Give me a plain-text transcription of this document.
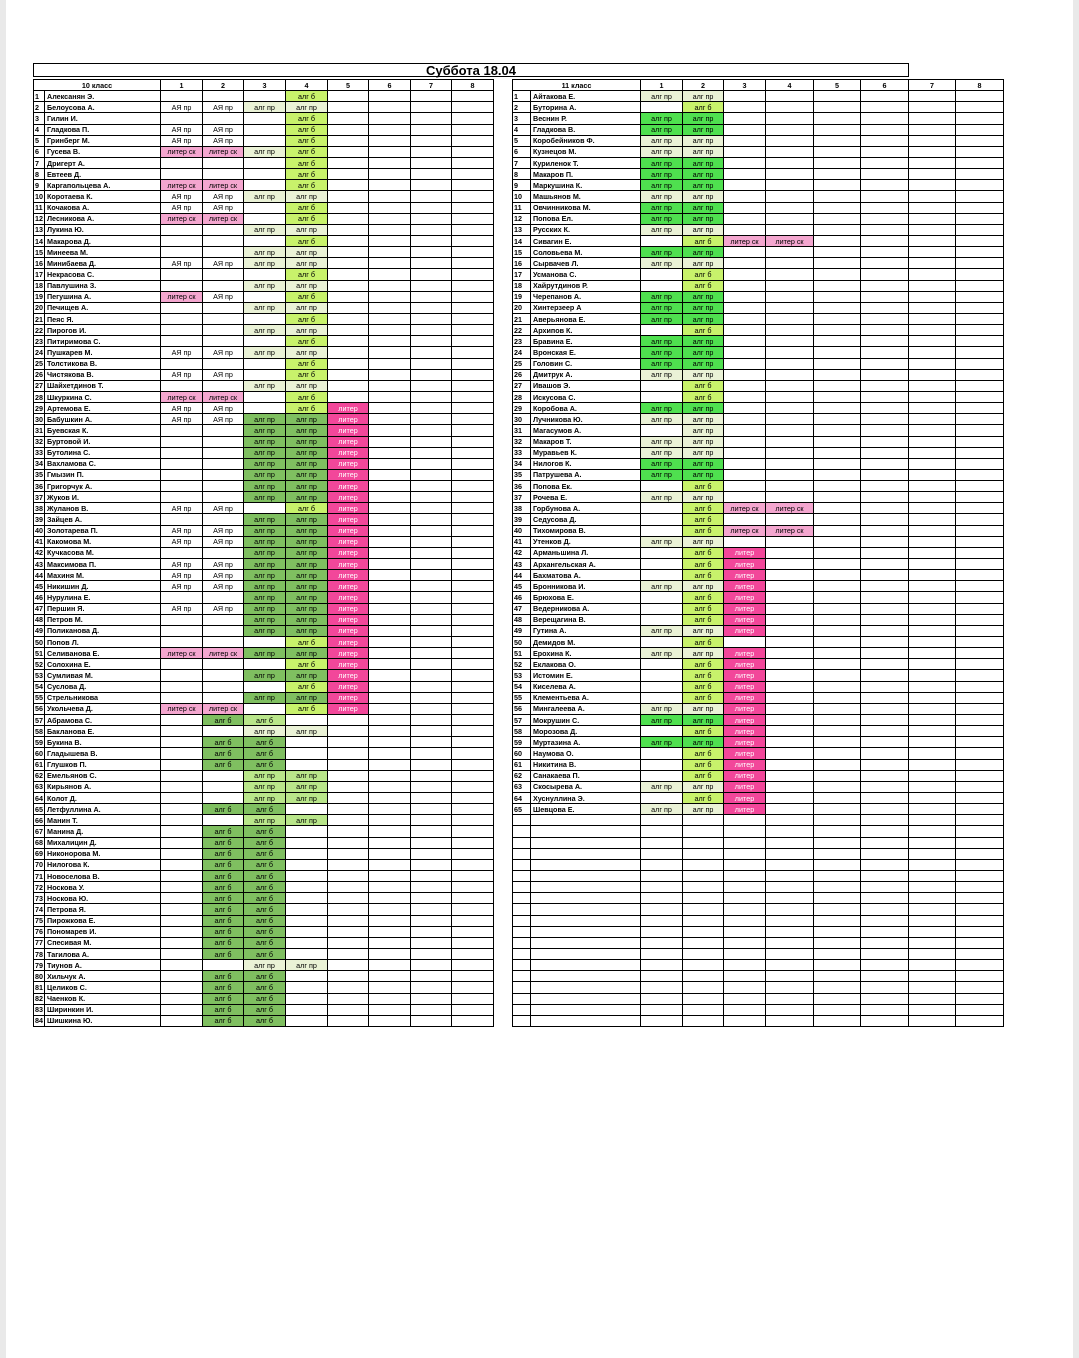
Суббота 18.04
10 класс		1	2	3	4	5	6	7	8
1	Алексанян Э.				алг б				
2	Белоусова А.	АЯ пр	АЯ пр	алг пр	алг пр				
3	Гилин И.				алг б				
4	Гладкова П.	АЯ пр	АЯ пр		алг б				
5	Гринберг М.	АЯ пр	АЯ пр		алг б				
6	Гусева В.	литер ск	литер ск	алг пр	алг б				
7	Дригерт А.				алг б				
8	Евтеев Д.				алг б				
9	Каргапольцева А.	литер ск	литер ск		алг б				
10	Коротаева К.	АЯ пр	АЯ пр	алг пр	алг пр				
11	Кочакова А.	АЯ пр	АЯ пр		алг б				
12	Лесникова А.	литер ск	литер ск		алг б				
13	Лукина Ю.			алг пр	алг пр				
14	Макарова Д.				алг б				
15	Минеева М.			алг пр	алг пр				
16	Минибаева Д.	АЯ пр	АЯ пр	алг пр	алг пр				
17	Некрасова С.				алг б				
18	Павлушина З.			алг пр	алг пр				
19	Пегушина А.	литер ск	АЯ пр		алг б				
20	Печищев А.			алг пр	алг пр				
21	Пеяс Я.				алг б				
22	Пирогов И.			алг пр	алг пр				
23	Питиримова С.				алг б				
24	Пушкарев М.	АЯ пр	АЯ пр	алг пр	алг пр				
25	Толстикова В.				алг б				
26	Чистякова В.	АЯ пр	АЯ пр		алг б				
27	Шайхетдинов Т.			алг пр	алг пр				
28	Шкуркина С.	литер ск	литер ск		алг б				
29	Артемова Е.	АЯ пр	АЯ пр		алг б	литер			
30	Бабушкин А.	АЯ пр	АЯ пр	алг пр	алг пр	литер			
31	Буевская К.			алг пр	алг пр	литер			
32	Буртовой И.			алг пр	алг пр	литер			
33	Бутолина С.			алг пр	алг пр	литер			
34	Вахламова С.			алг пр	алг пр	литер			
35	Гмызин П.			алг пр	алг пр	литер			
36	Григорчук А.			алг пр	алг пр	литер			
37	Жуков И.			алг пр	алг пр	литер			
38	Жуланов В.	АЯ пр	АЯ пр		алг б	литер			
39	Зайцев А.			алг пр	алг пр	литер			
40	Золотарева П.	АЯ пр	АЯ пр	алг пр	алг пр	литер			
41	Какомова М.	АЯ пр	АЯ пр	алг пр	алг пр	литер			
42	Кучкасова М.			алг пр	алг пр	литер			
43	Максимова П.	АЯ пр	АЯ пр	алг пр	алг пр	литер			
44	Махиня М.	АЯ пр	АЯ пр	алг пр	алг пр	литер			
45	Никишин Д.	АЯ пр	АЯ пр	алг пр	алг пр	литер			
46	Нурулина Е.			алг пр	алг пр	литер			
47	Першин Я.	АЯ пр	АЯ пр	алг пр	алг пр	литер			
48	Петров М.			алг пр	алг пр	литер			
49	Поликанова Д.			алг пр	алг пр	литер			
50	Попов Л.				алг б	литер			
51	Селиванова Е.	литер ск	литер ск	алг пр	алг пр	литер			
52	Солохина Е.				алг б	литер			
53	Сумливая М.			алг пр	алг пр	литер			
54	Суслова Д.				алг б	литер			
55	Стрельникова			алг пр	алг пр	литер			
56	Укольчева Д.	литер ск	литер ск		алг б	литер			
57	Абрамова С.		алг б	алг б					
58	Бакланова Е.			алг пр	алг пр				
59	Букина В.		алг б	алг б					
60	Гладышева В.		алг б	алг б					
61	Глушков П.		алг б	алг б					
62	Емельянов С.			алг пр	алг пр				
63	Кирьянов А.			алг пр	алг пр				
64	Колот Д.			алг пр	алг пр				
65	Летфуллина А.		алг б	алг б					
66	Манин Т.			алг пр	алг пр				
67	Манина Д.		алг б	алг б					
68	Михалицин Д.		алг б	алг б					
69	Никонорова М.		алг б	алг б					
70	Нилогова К.		алг б	алг б					
71	Новоселова В.		алг б	алг б					
72	Носкова У.		алг б	алг б					
73	Носкова Ю.		алг б	алг б					
74	Петрова Я.		алг б	алг б					
75	Пирожкова Е.		алг б	алг б					
76	Пономарев И.		алг б	алг б					
77	Спесивая М.		алг б	алг б					
78	Тагилова А.		алг б	алг б					
79	Тиунов А.			алг пр	алг пр				
80	Хильчук А.		алг б	алг б					
81	Целиков С.		алг б	алг б					
82	Чаенков К.		алг б	алг б					
83	Ширинкин И.		алг б	алг б					
84	Шишкина Ю.		алг б	алг б					
11 класс		1	2	3	4	5	6	7	8
1	Айтакова Е.	алг пр	алг пр						
2	Буторина А.		алг б						
3	Веснин Р.	алг пр	алг пр						
4	Гладкова В.	алг пр	алг пр						
5	Коробейников Ф.	алг пр	алг пр						
6	Кузнецов М.	алг пр	алг пр						
7	Куриленок Т.	алг пр	алг пр						
8	Макаров П.	алг пр	алг пр						
9	Маркушина К.	алг пр	алг пр						
10	Машьянов М.	алг пр	алг пр						
11	Овчинникова М.	алг пр	алг пр						
12	Попова Ел.	алг пр	алг пр						
13	Русских К.	алг пр	алг пр						
14	Сивагин Е.		алг б	литер ск	литер ск				
15	Соловьева М.	алг пр	алг пр						
16	Сырвачев Л.	алг пр	алг пр						
17	Усманова С.		алг б						
18	Хайрутдинов Р.		алг б						
19	Черепанов А.	алг пр	алг пр						
20	Хинтерзеер А	алг пр	алг пр						
21	Аверьянова Е.	алг пр	алг пр						
22	Архипов К.		алг б						
23	Бравина Е.	алг пр	алг пр						
24	Вронская Е.	алг пр	алг пр						
25	Головин С.	алг пр	алг пр						
26	Дмитрук А.	алг пр	алг пр						
27	Ивашов Э.		алг б						
28	Искусова С.		алг б						
29	Коробова А.	алг пр	алг пр						
30	Лучникова Ю.	алг пр	алг пр						
31	Магасумов А.		алг пр						
32	Макаров Т.	алг пр	алг пр						
33	Муравьев К.	алг пр	алг пр						
34	Нилогов К.	алг пр	алг пр						
35	Патрушева А.	алг пр	алг пр						
36	Попова Ек.		алг б						
37	Рочева Е.	алг пр	алг пр						
38	Горбунова А.		алг б	литер ск	литер ск				
39	Седусова Д.		алг б						
40	Тихомирова В.		алг б	литер ск	литер ск				
41	Утенков Д.	алг пр	алг пр						
42	Арманьшина Л.		алг б	литер					
43	Архангельская А.		алг б	литер					
44	Бахматова А.		алг б	литер					
45	Бронникова И.	алг пр	алг пр	литер					
46	Брюхова Е.		алг б	литер					
47	Ведерникова А.		алг б	литер					
48	Верещагина В.		алг б	литер					
49	Гутина А.	алг пр	алг пр	литер					
50	Демидов М.		алг б						
51	Ерохина К.	алг пр	алг пр	литер					
52	Еклакова О.		алг б	литер					
53	Истомин Е.		алг б	литер					
54	Киселева А.		алг б	литер					
55	Клементьева А.		алг б	литер					
56	Мингалеева А.	алг пр	алг пр	литер					
57	Мокрушин С.	алг пр	алг пр	литер					
58	Морозова Д.		алг б	литер					
59	Муртазина А.	алг пр	алг пр	литер					
60	Наумова О.		алг б	литер					
61	Никитина В.		алг б	литер					
62	Санакаева П.		алг б	литер					
63	Скосырева А.	алг пр	алг пр	литер					
64	Хуснуллина Э.		алг б	литер					
65	Шевцова Е.	алг пр	алг пр	литер					
